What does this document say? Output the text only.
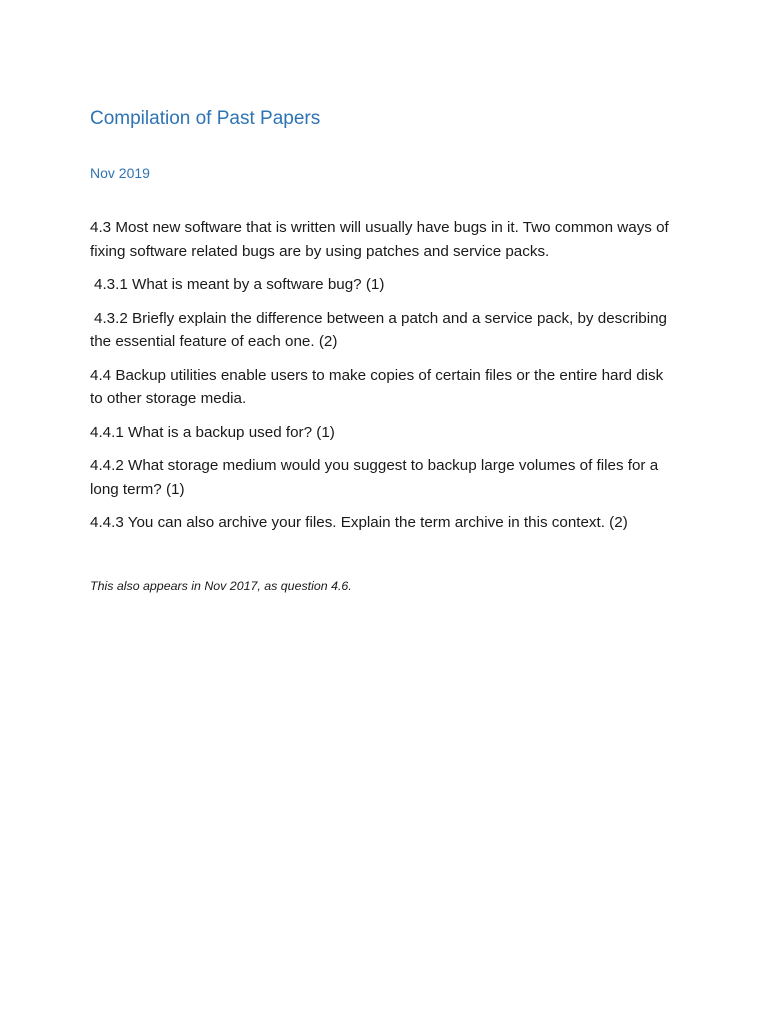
Compilation of Past Papers
Nov 2019

4.3 Most new software that is written will usually have bugs in it. Two common ways of fixing software related bugs are by using patches and service packs.

4.3.1 What is meant by a software bug? (1)

4.3.2 Briefly explain the difference between a patch and a service pack, by describing the essential feature of each one. (2)

4.4 Backup utilities enable users to make copies of certain files or the entire hard disk to other storage media.

4.4.1 What is a backup used for? (1)

4.4.2 What storage medium would you suggest to backup large volumes of files for a long term? (1)

4.4.3 You can also archive your files. Explain the term archive in this context. (2)

This also appears in Nov 2017, as question 4.6.
